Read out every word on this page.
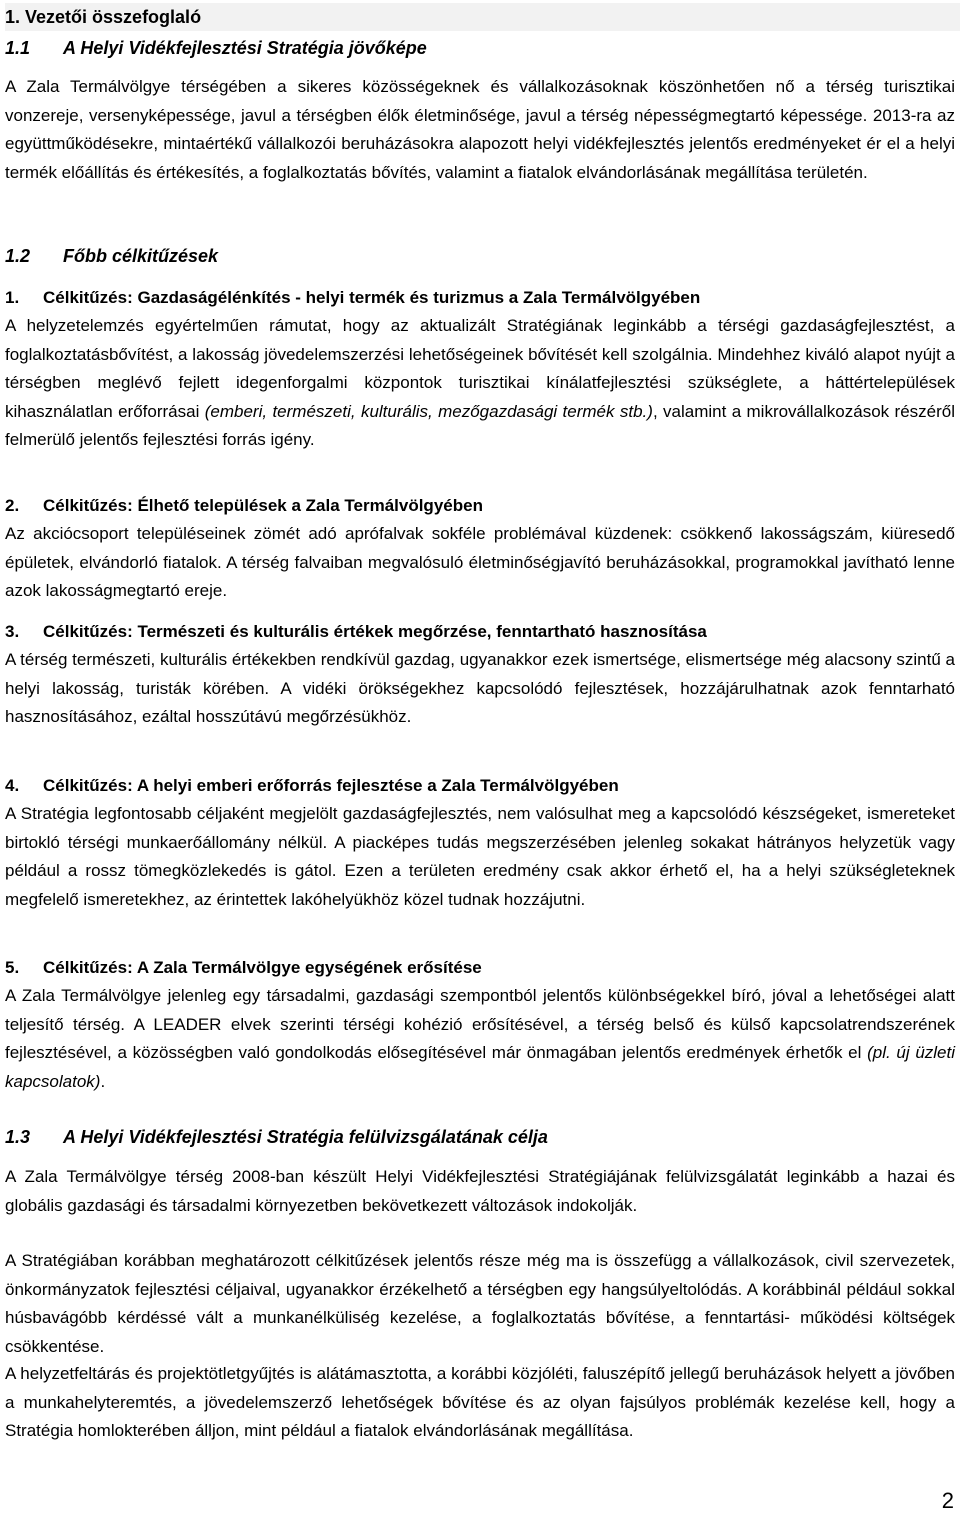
1. Vezetői összefoglaló
1.1 A Helyi Vidékfejlesztési Stratégia jövőképe

A Zala Termálvölgye térségében a sikeres közösségeknek és vállalkozásoknak köszönhetően nő a térség turisztikai vonzereje, versenyképessége, javul a térségben élők életminősége, javul a térség népességmegtartó képessége. 2013-ra az együttműködésekre, mintaértékű vállalkozói beruházásokra alapozott helyi vidékfejlesztés jelentős eredményeket ér el a helyi termék előállítás és értékesítés, a foglalkoztatás bővítés, valamint a fiatalok elvándorlásának megállítása területén.

1.2 Főbb célkitűzések
1. Célkitűzés: Gazdaságélénkítés - helyi termék és turizmus a Zala Termálvölgyében

A helyzetelemzés egyértelműen rámutat, hogy az aktualizált Stratégiának leginkább a térségi gazdaságfejlesztést, a foglalkoztatásbővítést, a lakosság jövedelemszerzési lehetőségeinek bővítését kell szolgálnia. Mindehhez kiváló alapot nyújt a térségben meglévő fejlett idegenforgalmi központok turisztikai kínálatfejlesztési szükséglete, a háttértelepülések kihasználatlan erőforrásai (emberi, természeti, kulturális, mezőgazdasági termék stb.), valamint a mikrovállalkozások részéről felmerülő jelentős fejlesztési forrás igény.

2. Célkitűzés: Élhető települések a Zala Termálvölgyében

Az akciócsoport településeinek zömét adó aprófalvak sokféle problémával küzdenek: csökkenő lakosságszám, kiüresedő épületek, elvándorló fiatalok. A térség falvaiban megvalósuló életminőségjavító beruházásokkal, programokkal javítható lenne azok lakosságmegtartó ereje.

3. Célkitűzés: Természeti és kulturális értékek megőrzése, fenntartható hasznosítása

A térség természeti, kulturális értékekben rendkívül gazdag, ugyanakkor ezek ismertsége, elismertsége még alacsony szintű a helyi lakosság, turisták körében. A vidéki örökségekhez kapcsolódó fejlesztések, hozzájárulhatnak azok fenntarható hasznosításához, ezáltal hosszútávú megőrzésükhöz.

4. Célkitűzés: A helyi emberi erőforrás fejlesztése a Zala Termálvölgyében

A Stratégia legfontosabb céljaként megjelölt gazdaságfejlesztés, nem valósulhat meg a kapcsolódó készségeket, ismereteket birtokló térségi munkaerőállomány nélkül. A piacképes tudás megszerzésében jelenleg sokakat hátrányos helyzetük vagy például a rossz tömegközlekedés is gátol. Ezen a területen eredmény csak akkor érhető el, ha a helyi szükségleteknek megfelelő ismeretekhez, az érintettek lakóhelyükhöz közel tudnak hozzájutni.

5. Célkitűzés: A Zala Termálvölgye egységének erősítése

A Zala Termálvölgye jelenleg egy társadalmi, gazdasági szempontból jelentős különbségekkel bíró, jóval a lehetőségei alatt teljesítő térség. A LEADER elvek szerinti térségi kohézió erősítésével, a térség belső és külső kapcsolatrendszerének fejlesztésével, a közösségben való gondolkodás elősegítésével már önmagában jelentős eredmények érhetők el (pl. új üzleti kapcsolatok).

1.3 A Helyi Vidékfejlesztési Stratégia felülvizsgálatának célja

A Zala Termálvölgye térség 2008-ban készült Helyi Vidékfejlesztési Stratégiájának felülvizsgálatát leginkább a hazai és globális gazdasági és társadalmi környezetben bekövetkezett változások indokolják.

A Stratégiában korábban meghatározott célkitűzések jelentős része még ma is összefügg a vállalkozások, civil szervezetek, önkormányzatok fejlesztési céljaival, ugyanakkor érzékelhető a térségben egy hangsúlyeltolódás. A korábbinál például sokkal húsbavágóbb kérdéssé vált a munkanélküliség kezelése, a foglalkoztatás bővítése, a fenntartási- működési költségek csökkentése.

A helyzetfeltárás és projektötletgyűjtés is alátámasztotta, a korábbi közjóléti, faluszépítő jellegű beruházások helyett a jövőben a munkahelyteremtés, a jövedelemszerző lehetőségek bővítése és az olyan fajsúlyos problémák kezelése kell, hogy a Stratégia homlokterében álljon, mint például a fiatalok elvándorlásának megállítása.

2
